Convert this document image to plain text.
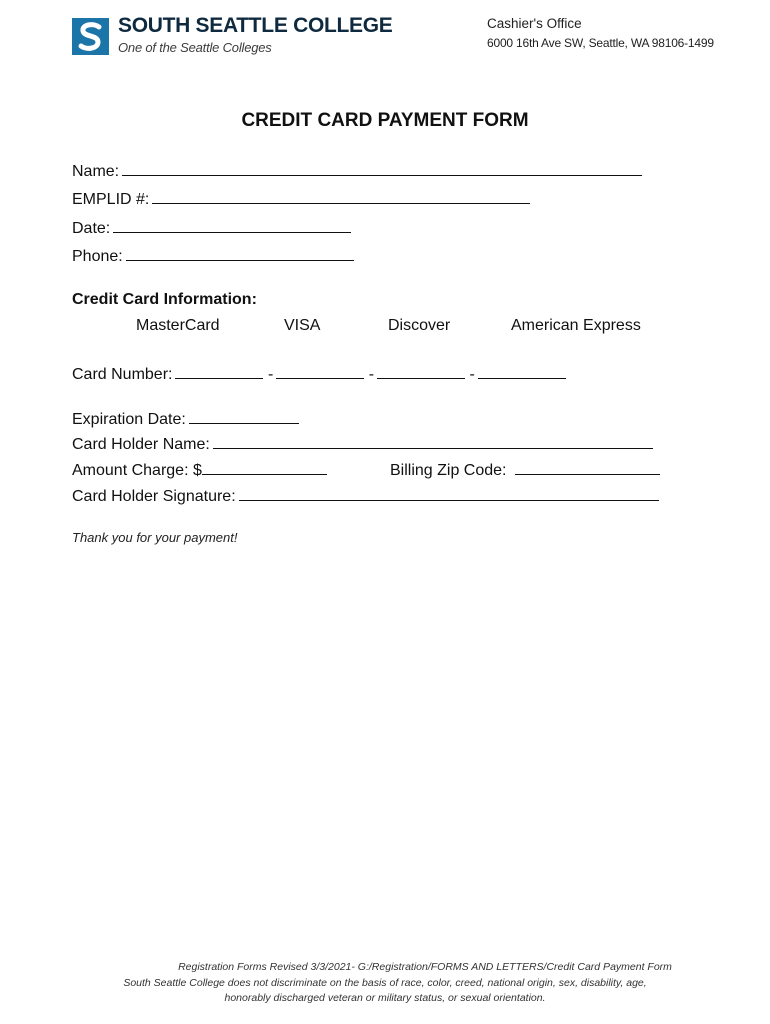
SOUTH SEATTLE COLLEGE
One of the Seattle Colleges
Cashier's Office
6000 16th Ave SW, Seattle, WA 98106-1499
CREDIT CARD PAYMENT FORM
Name:
EMPLID #:
Date:
Phone:
Credit Card Information:
MasterCard	VISA	Discover	American Express
Card Number:	-	-	-
Expiration Date:
Card Holder Name:
Amount Charge: $	Billing Zip Code:
Card Holder Signature:
Thank you for your payment!
Registration Forms Revised 3/3/2021- G:/Registration/FORMS AND LETTERS/Credit Card Payment Form
South Seattle College does not discriminate on the basis of race, color, creed, national origin, sex, disability, age,
honorably discharged veteran or military status, or sexual orientation.
